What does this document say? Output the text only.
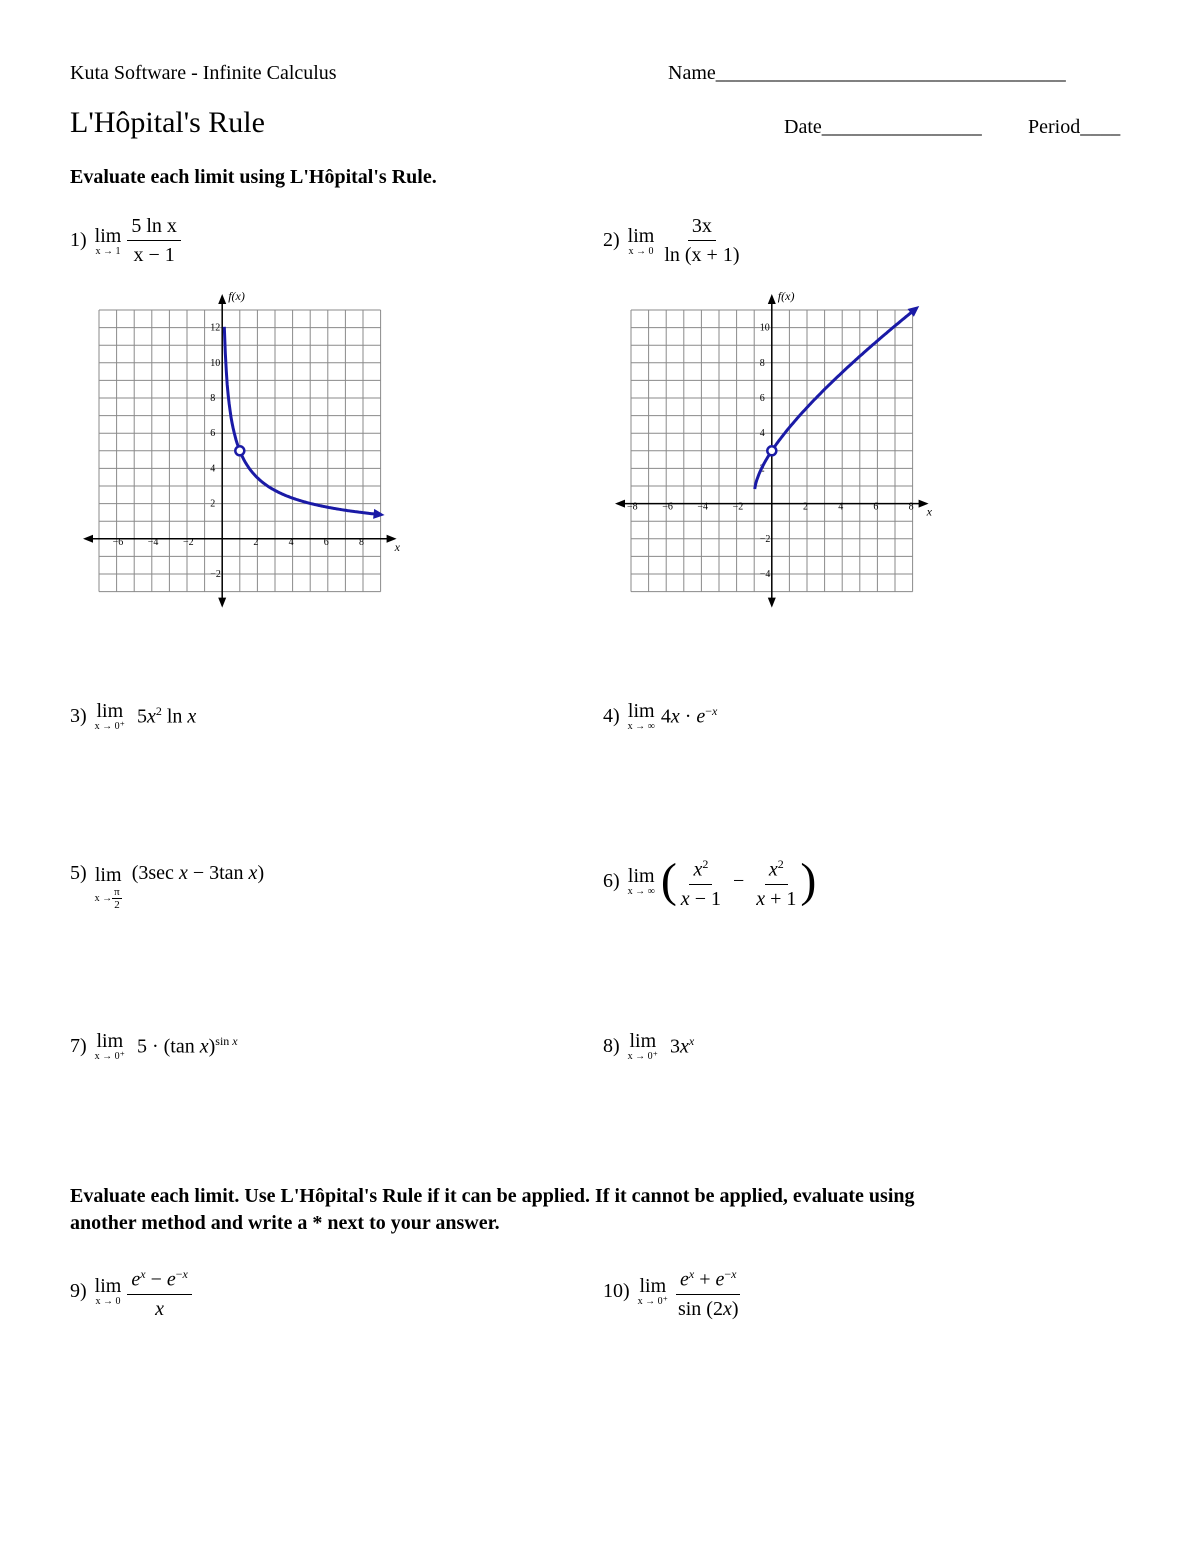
Kuta Software - Infinite Calculus	Name___________________________________
L'Hôpital's Rule	Date________________ Period____
Evaluate each limit using L'Hôpital's Rule.
1) lim
$x \to 1 \frac{\text{5 ln x}}{x - 1}$	2) lim
$x \to 0 \frac{3x}{\ln (x + 1)}$
−6 −4 −2	2	4	6	8
12
10
8
6
4
2
−2
f(x)
x
−8 −6 −4 −2	2	4	6	8
10
8
6
4
2
−2
−4
f(x)
x
3) lim
x → 0⁺ $5x^2$ ln x	4) lim
x → ∞ $4x \cdot e^{-x}$
5) lim
$x \to \frac{\pi}{2}$
(3sec x − 3tan x)	6) lim
x → ∞ ( $\frac{x^2}{x - 1} - \frac{x^2}{x + 1}$ )
7) lim
x → 0⁺ 5 · (tan x)$^{sin x}$	8) lim
x → 0⁺ $3x^x$
Evaluate each limit. Use L'Hôpital's Rule if it can be applied. If it cannot be applied, evaluate using
another method and write a * next to your answer.
9) lim
$x \to 0 \frac{e^x - e^{-x}}{x}$	10) lim
$x \to 0^+ \frac{e^x + e^{-x}}{\sin (2x)}$
